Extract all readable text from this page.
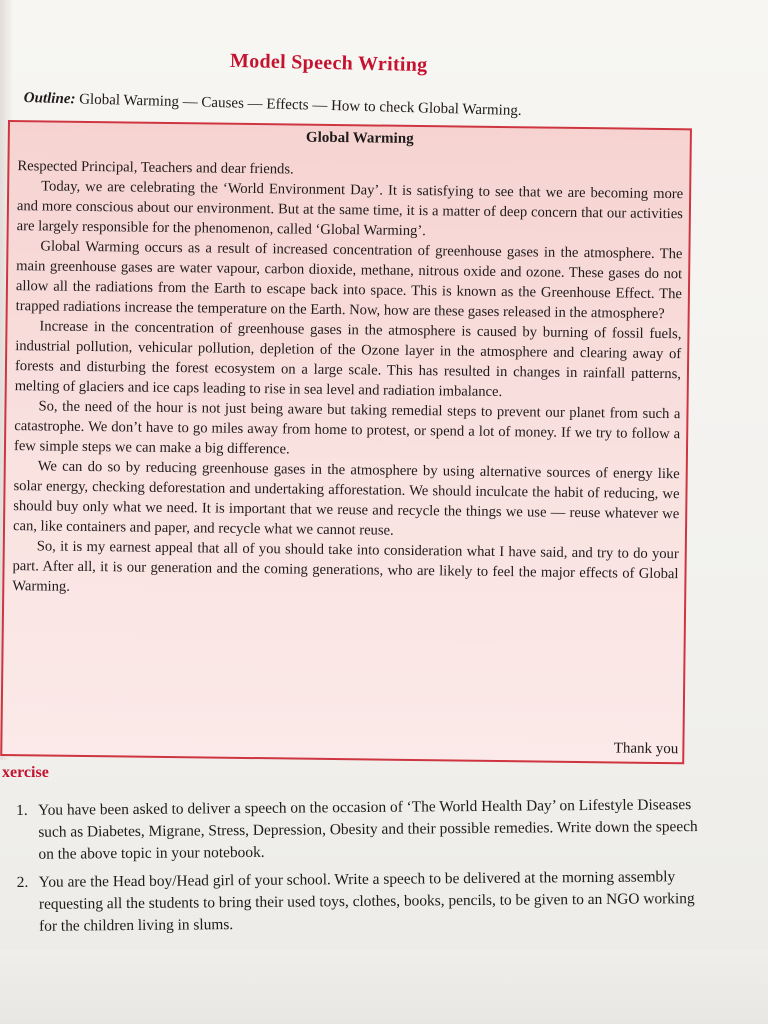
Model Speech Writing
Outline: Global Warming — Causes — Effects — How to check Global Warming.
Global Warming

Respected Principal, Teachers and dear friends.

Today, we are celebrating the ‘World Environment Day’. It is satisfying to see that we are becoming more and more conscious about our environment. But at the same time, it is a matter of deep concern that our activities are largely responsible for the phenomenon, called ‘Global Warming’.

Global Warming occurs as a result of increased concentration of greenhouse gases in the atmosphere. The main greenhouse gases are water vapour, carbon dioxide, methane, nitrous oxide and ozone. These gases do not allow all the radiations from the Earth to escape back into space. This is known as the Greenhouse Effect. The trapped radiations increase the temperature on the Earth. Now, how are these gases released in the atmosphere?

Increase in the concentration of greenhouse gases in the atmosphere is caused by burning of fossil fuels, industrial pollution, vehicular pollution, depletion of the Ozone layer in the atmosphere and clearing away of forests and disturbing the forest ecosystem on a large scale. This has resulted in changes in rainfall patterns, melting of glaciers and ice caps leading to rise in sea level and radiation imbalance.

So, the need of the hour is not just being aware but taking remedial steps to prevent our planet from such a catastrophe. We don’t have to go miles away from home to protest, or spend a lot of money. If we try to follow a few simple steps we can make a big difference.

We can do so by reducing greenhouse gases in the atmosphere by using alternative sources of energy like solar energy, checking deforestation and undertaking afforestation. We should inculcate the habit of reducing, we should buy only what we need. It is important that we reuse and recycle the things we use — reuse whatever we can, like containers and paper, and recycle what we cannot reuse.

So, it is my earnest appeal that all of you should take into consideration what I have said, and try to do your part. After all, it is our generation and the coming generations, who are likely to feel the major effects of Global Warming.

Thank you
xercise
1. You have been asked to deliver a speech on the occasion of ‘The World Health Day’ on Lifestyle Diseases such as Diabetes, Migrane, Stress, Depression, Obesity and their possible remedies. Write down the speech on the above topic in your notebook.
2. You are the Head boy/Head girl of your school. Write a speech to be delivered at the morning assembly requesting all the students to bring their used toys, clothes, books, pencils, to be given to an NGO working for the children living in slums.
